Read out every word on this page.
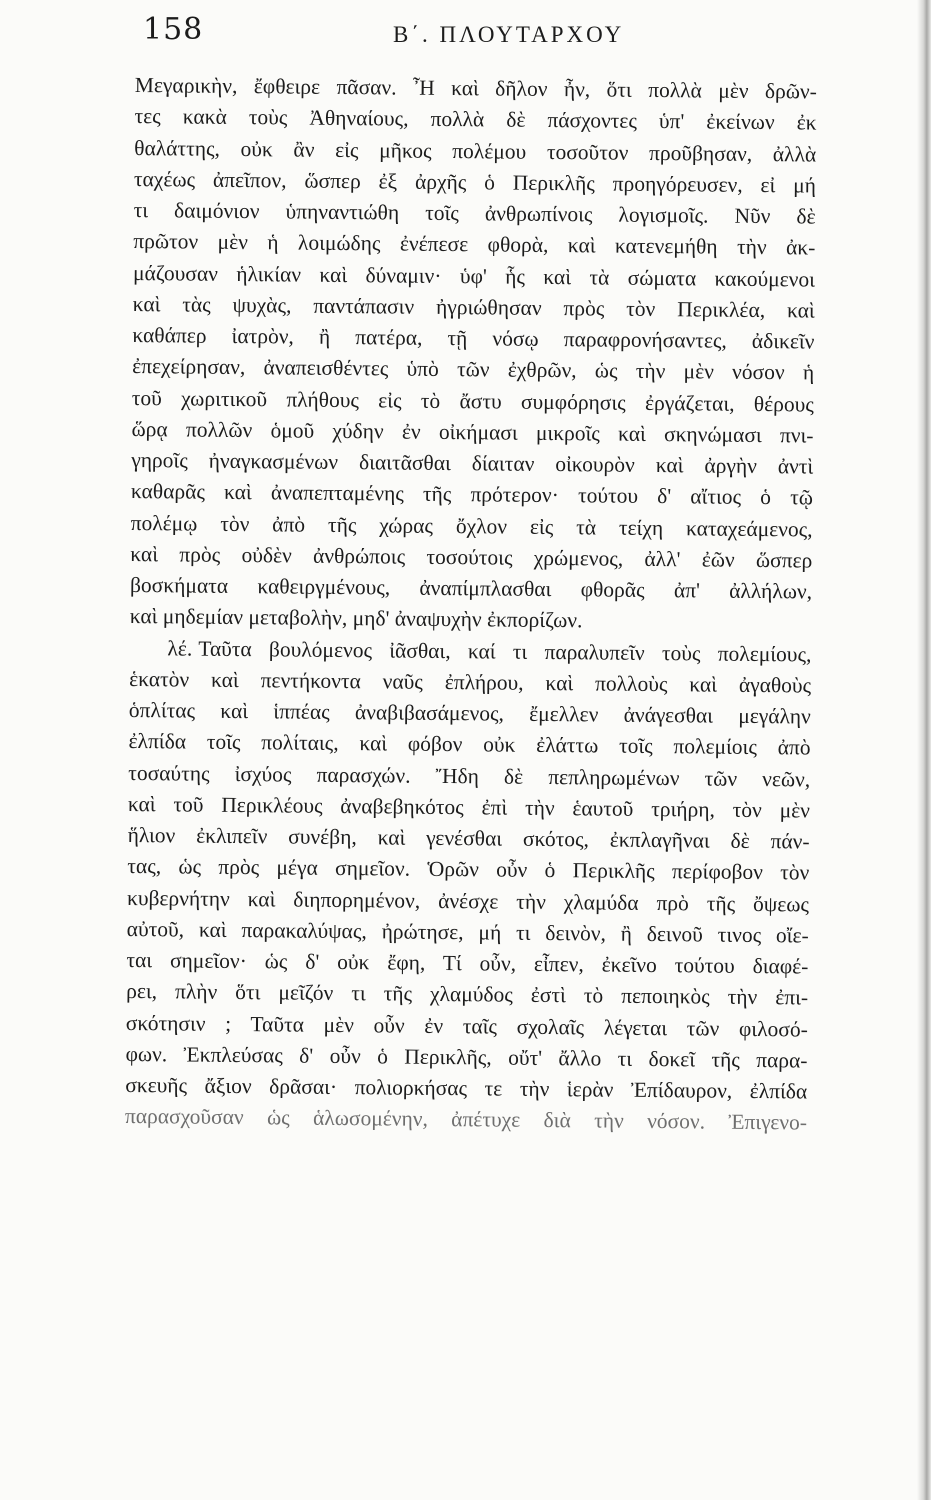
158	Β΄. ΠΛΟΥΤΑΡΧΟΥ
Μεγαρικὴν, ἔφθειρε πᾶσαν. Ἦ καὶ δῆλον ἦν, ὅτι πολλὰ μὲν δρῶν-
τες κακὰ τοὺς Ἀθηναίους, πολλὰ δὲ πάσχοντες ὑπ' ἐκείνων ἐκ
θαλάττης, οὐκ ἂν εἰς μῆκος πολέμου τοσοῦτον προῦβησαν, ἀλλὰ
ταχέως ἀπεῖπον, ὥσπερ ἐξ ἀρχῆς ὁ Περικλῆς προηγόρευσεν, εἰ μή
τι δαιμόνιον ὑπηναντιώθη τοῖς ἀνθρωπίνοις λογισμοῖς. Νῦν δὲ
πρῶτον μὲν ἡ λοιμώδης ἐνέπεσε φθορὰ, καὶ κατενεμήθη τὴν ἀκ-
μάζουσαν ἡλικίαν καὶ δύναμιν· ὑφ' ἧς καὶ τὰ σώματα κακούμενοι
καὶ τὰς ψυχὰς, παντάπασιν ἠγριώθησαν πρὸς τὸν Περικλέα, καὶ
καθάπερ ἰατρὸν, ἢ πατέρα, τῇ νόσῳ παραφρονήσαντες, ἀδικεῖν
ἐπεχείρησαν, ἀναπεισθέντες ὑπὸ τῶν ἐχθρῶν, ὡς τὴν μὲν νόσον ἡ
τοῦ χωριτικοῦ πλήθους εἰς τὸ ἄστυ συμφόρησις ἐργάζεται, θέρους
ὥρᾳ πολλῶν ὁμοῦ χύδην ἐν οἰκήμασι μικροῖς καὶ σκηνώμασι πνι-
γηροῖς ἠναγκασμένων διαιτᾶσθαι δίαιταν οἰκουρὸν καὶ ἀργὴν ἀντὶ
καθαρᾶς καὶ ἀναπεπταμένης τῆς πρότερον· τούτου δ' αἴτιος ὁ τῷ
πολέμῳ τὸν ἀπὸ τῆς χώρας ὄχλον εἰς τὰ τείχη καταχεάμενος,
καὶ πρὸς οὐδὲν ἀνθρώποις τοσούτοις χρώμενος, ἀλλ' ἐῶν ὥσπερ
βοσκήματα καθειργμένους, ἀναπίμπλασθαι φθορᾶς ἀπ' ἀλλήλων,
καὶ μηδεμίαν μεταβολὴν, μηδ' ἀναψυχὴν ἐκπορίζων.
λέ. Ταῦτα βουλόμενος ἰᾶσθαι, καί τι παραλυπεῖν τοὺς πολεμίους,
ἑκατὸν καὶ πεντήκοντα ναῦς ἐπλήρου, καὶ πολλοὺς καὶ ἀγαθοὺς
ὁπλίτας καὶ ἱππέας ἀναβιβασάμενος, ἔμελλεν ἀνάγεσθαι μεγάλην
ἐλπίδα τοῖς πολίταις, καὶ φόβον οὐκ ἐλάττω τοῖς πολεμίοις ἀπὸ
τοσαύτης ἰσχύος παρασχών. Ἤδη δὲ πεπληρωμένων τῶν νεῶν,
καὶ τοῦ Περικλέους ἀναβεβηκότος ἐπὶ τὴν ἑαυτοῦ τριήρη, τὸν μὲν
ἥλιον ἐκλιπεῖν συνέβη, καὶ γενέσθαι σκότος, ἐκπλαγῆναι δὲ πάν-
τας, ὡς πρὸς μέγα σημεῖον. Ὁρῶν οὖν ὁ Περικλῆς περίφοβον τὸν
κυβερνήτην καὶ διηπορημένον, ἀνέσχε τὴν χλαμύδα πρὸ τῆς ὄψεως
αὐτοῦ, καὶ παρακαλύψας, ἠρώτησε, μή τι δεινὸν, ἢ δεινοῦ τινος οἴε-
ται σημεῖον· ὡς δ' οὐκ ἔφη, Τί οὖν, εἶπεν, ἐκεῖνο τούτου διαφέ-
ρει, πλὴν ὅτι μεῖζόν τι τῆς χλαμύδος ἐστὶ τὸ πεποιηκὸς τὴν ἐπι-
σκότησιν ; Ταῦτα μὲν οὖν ἐν ταῖς σχολαῖς λέγεται τῶν φιλοσό-
φων. Ἐκπλεύσας δ' οὖν ὁ Περικλῆς, οὔτ' ἄλλο τι δοκεῖ τῆς παρα-
σκευῆς ἄξιον δρᾶσαι· πολιορκήσας τε τὴν ἱερὰν Ἐπίδαυρον, ἐλπίδα
παρασχοῦσαν ὡς ἁλωσομένην, ἀπέτυχε διὰ τὴν νόσον. Ἐπιγενο-
